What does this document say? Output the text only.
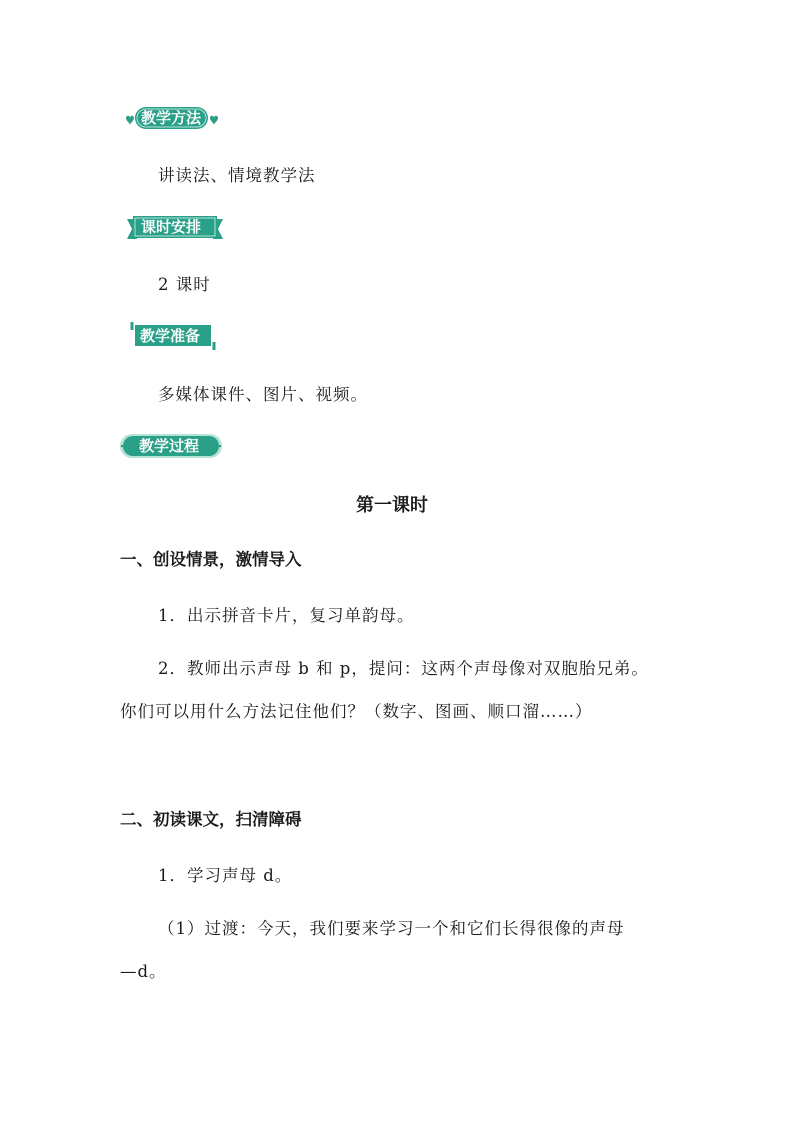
教学方法
讲读法、情境教学法
课时安排
2 课时
教学准备
多媒体课件、图片、视频。
教学过程
第一课时
一、创设情景，激情导入
1．出示拼音卡片，复习单韵母。
2．教师出示声母 b 和 p，提问：这两个声母像对双胞胎兄弟。
你们可以用什么方法记住他们？（数字、图画、顺口溜……）
二、初读课文，扫清障碍
1．学习声母 d。
（1）过渡：今天，我们要来学习一个和它们长得很像的声母
—d。
